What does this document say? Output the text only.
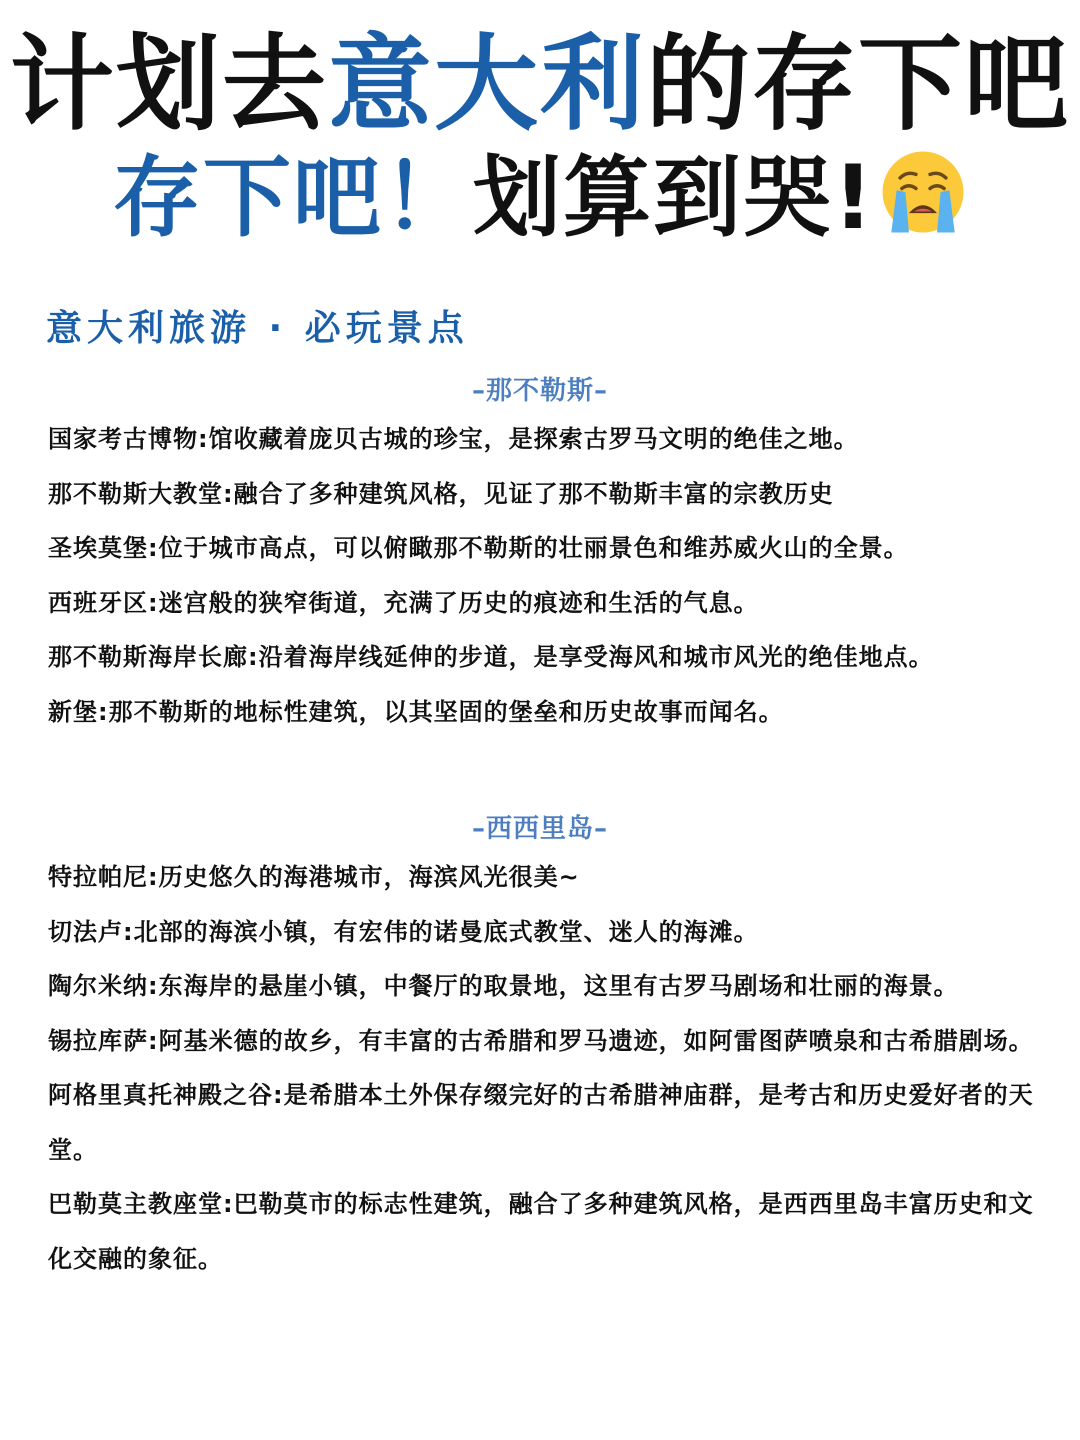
计划去意大利的存下吧
存下吧！划算到哭!
意大利旅游 · 必玩景点
–那不勒斯–
国家考古博物:馆收藏着庞贝古城的珍宝，是探索古罗马文明的绝佳之地。
那不勒斯大教堂:融合了多种建筑风格，见证了那不勒斯丰富的宗教历史
圣埃莫堡:位于城市高点，可以俯瞰那不勒斯的壮丽景色和维苏威火山的全景。
西班牙区:迷宫般的狭窄街道，充满了历史的痕迹和生活的气息。
那不勒斯海岸长廊:沿着海岸线延伸的步道，是享受海风和城市风光的绝佳地点。
新堡:那不勒斯的地标性建筑，以其坚固的堡垒和历史故事而闻名。
–西西里岛–
特拉帕尼:历史悠久的海港城市，海滨风光很美~
切法卢:北部的海滨小镇，有宏伟的诺曼底式教堂、迷人的海滩。
陶尔米纳:东海岸的悬崖小镇，中餐厅的取景地，这里有古罗马剧场和壮丽的海景。
锡拉库萨:阿基米德的故乡，有丰富的古希腊和罗马遗迹，如阿雷图萨喷泉和古希腊剧场。
阿格里真托神殿之谷:是希腊本土外保存缀完好的古希腊神庙群，是考古和历史爱好者的天堂。
巴勒莫主教座堂:巴勒莫市的标志性建筑，融合了多种建筑风格，是西西里岛丰富历史和文化交融的象征。
